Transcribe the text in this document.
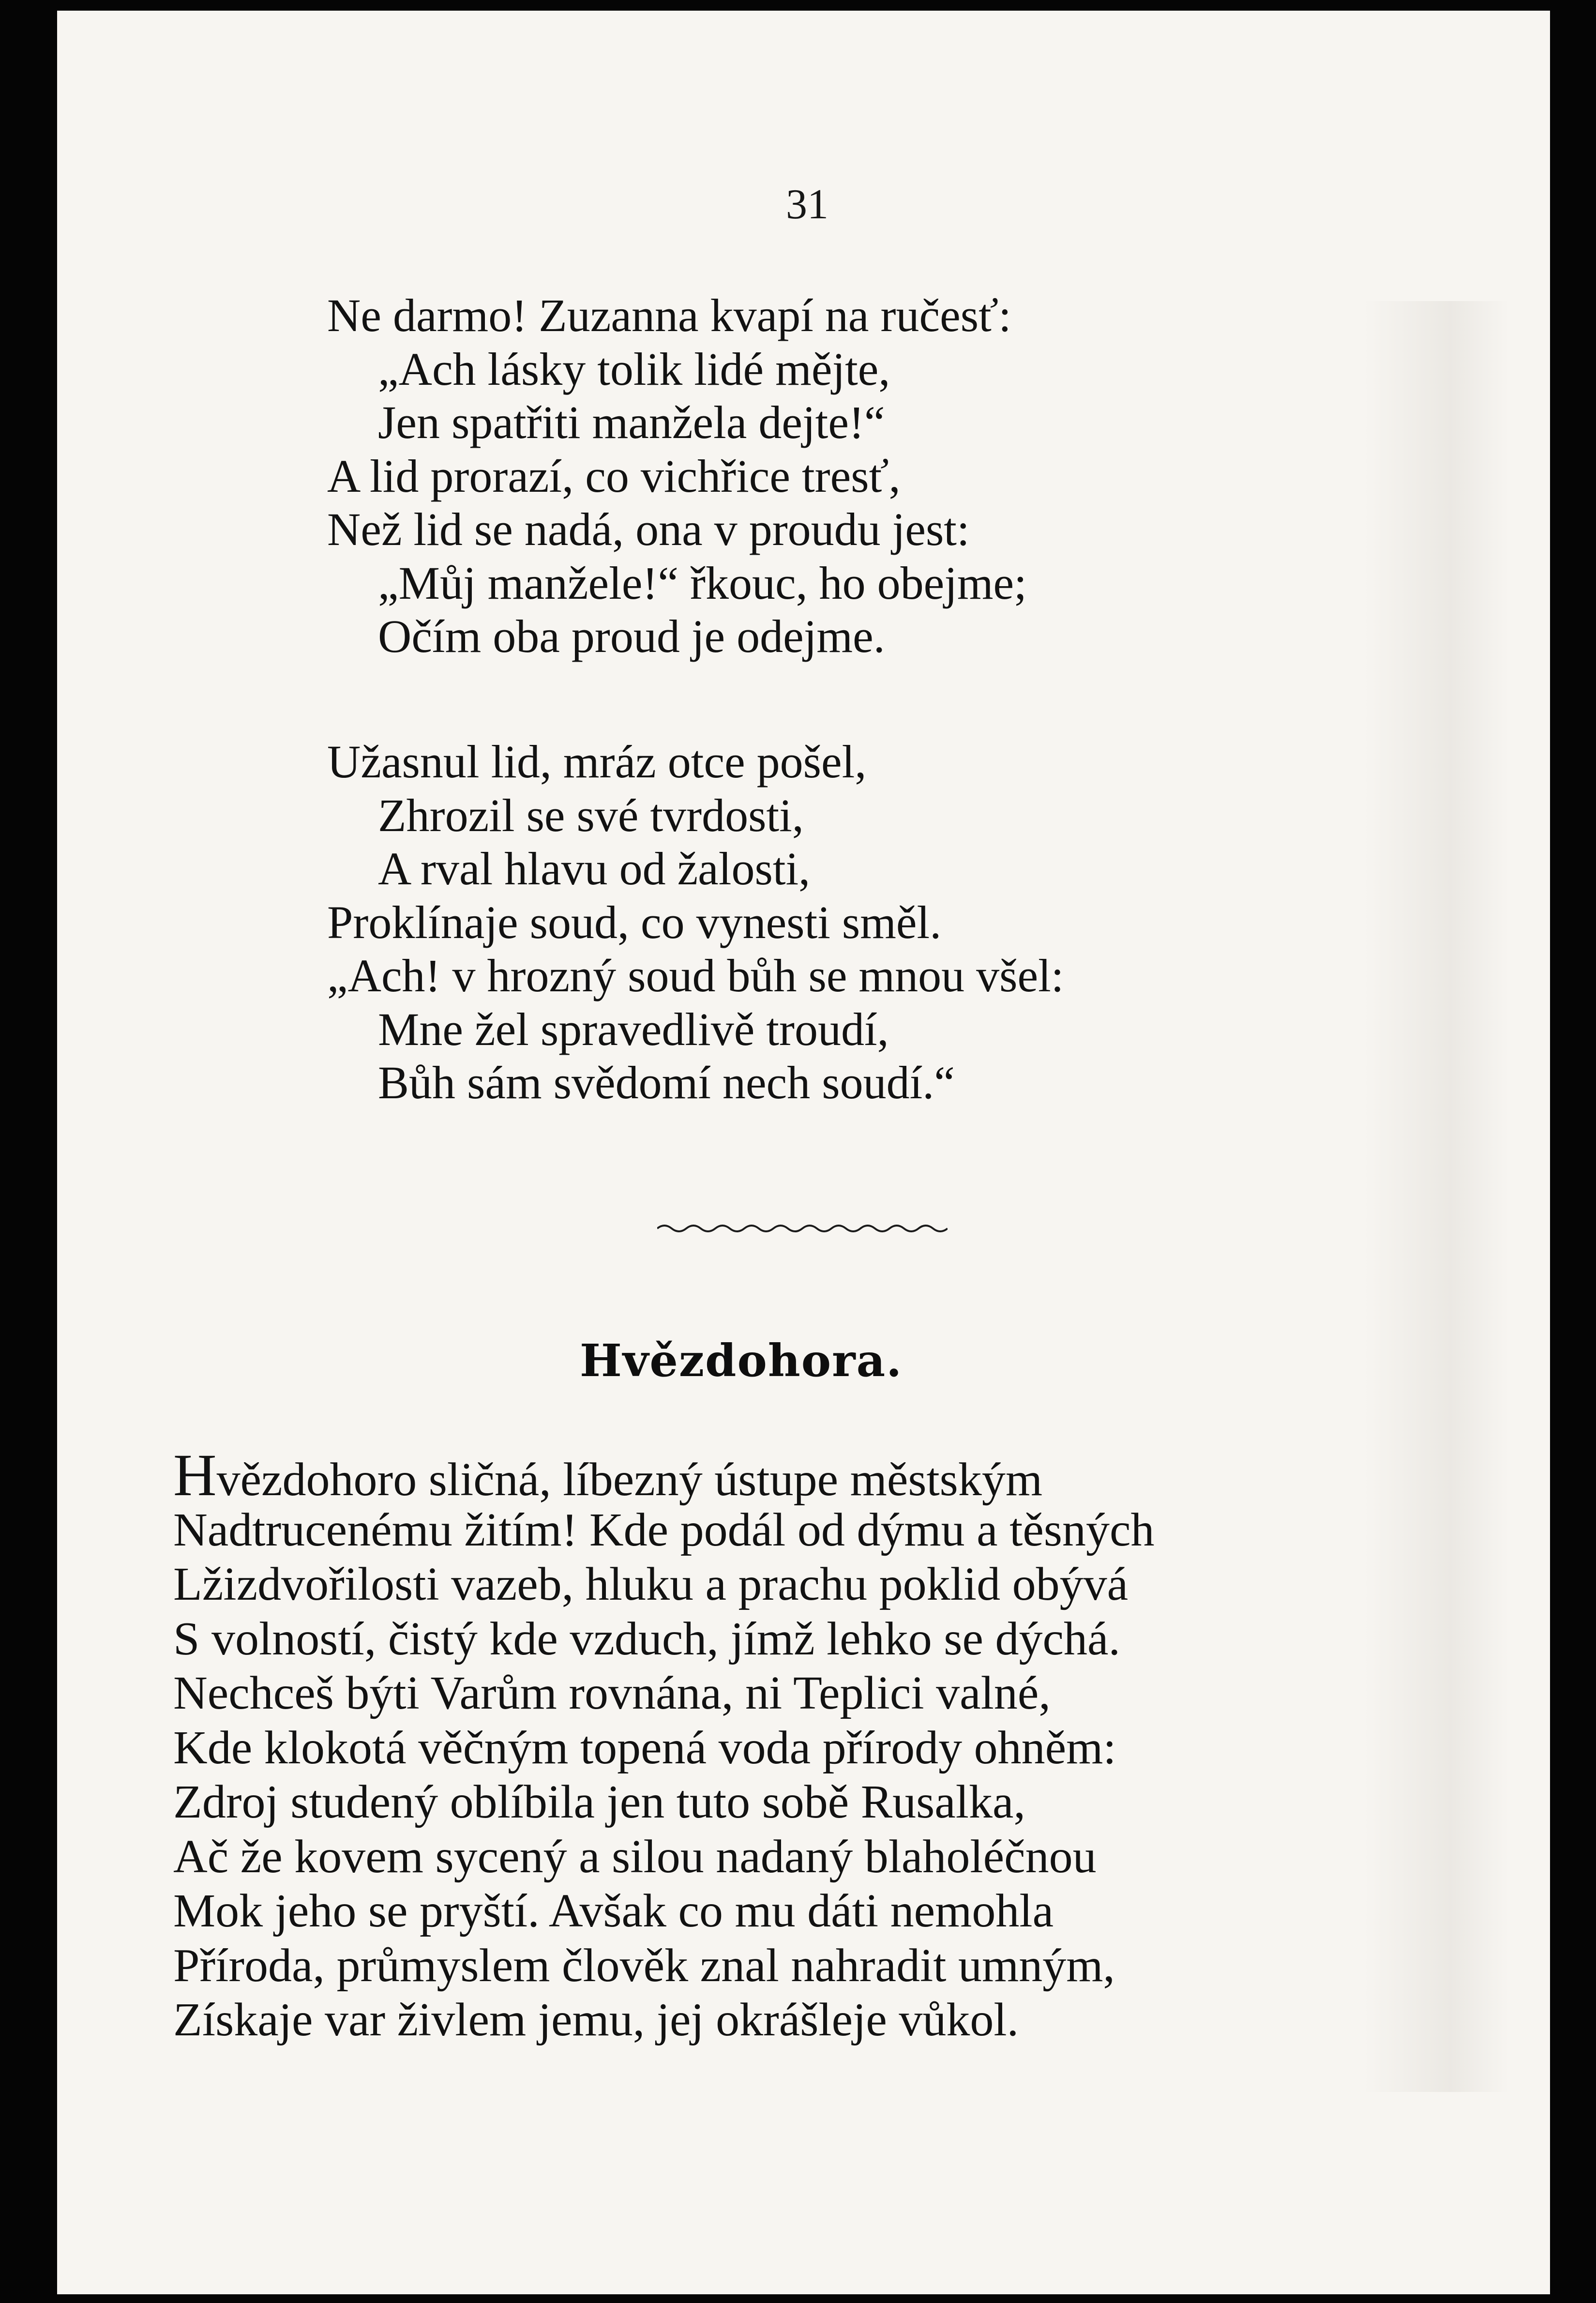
31

Ne darmo! Zuzanna kvapí na ručesť:
„Ach lásky tolik lidé mějte,
Jen spatřiti manžela dejte!“
A lid prorazí, co vichřice tresť,
Než lid se nadá, ona v proudu jest:
„Můj manžele!“ řkouc, ho obejme;
Očím oba proud je odejme.
Užasnul lid, mráz otce pošel,
Zhrozil se své tvrdosti,
A rval hlavu od žalosti,
Proklínaje soud, co vynesti směl.
„Ach! v hrozný soud bůh se mnou všel:
Mne žel spravedlivě troudí,
Bůh sám svědomí nech soudí.“
Hvězdohora.
Hvězdohoro sličná, líbezný ústupe městským
Nadtrucenému žitím! Kde podál od dýmu a těsných
Lžizdvořilosti vazeb, hluku a prachu poklid obývá
S volností, čistý kde vzduch, jímž lehko se dýchá.
Nechceš býti Varům rovnána, ni Teplici valné,
Kde klokotá věčným topená voda přírody ohněm:
Zdroj studený oblíbila jen tuto sobě Rusalka,
Ač že kovem sycený a silou nadaný blaholéčnou
Mok jeho se pryští. Avšak co mu dáti nemohla
Příroda, průmyslem člověk znal nahradit umným,
Získaje var živlem jemu, jej okrášleje vůkol.
